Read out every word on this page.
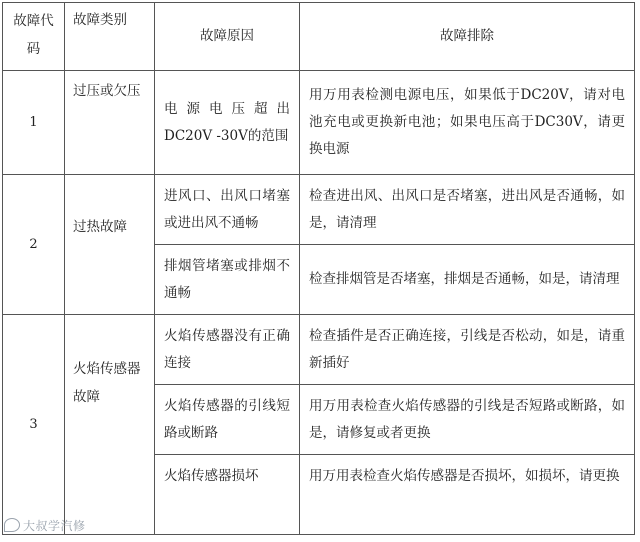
故障代码	故障类别	故障原因	故障排除
1	过压或欠压	电源电压超出DC20V -30V的范围	用万用表检测电源电压，如果低于DC20V，请对电池充电或更换新电池；如果电压高于DC30V，请更换电源
2	过热故障	进风口、出风口堵塞或进出风不通畅	检查进出风、出风口是否堵塞，进出风是否通畅，如是，请清理
		排烟管堵塞或排烟不通畅	检查排烟管是否堵塞，排烟是否通畅，如是，请清理
3	火焰传感器故障	火焰传感器没有正确连接	检查插件是否正确连接，引线是否松动，如是，请重新插好
		火焰传感器的引线短路或断路	用万用表检查火焰传感器的引线是否短路或断路，如是，请修复或者更换
		火焰传感器损坏	用万用表检查火焰传感器是否损坏，如损坏，请更换
大叔学汽修
